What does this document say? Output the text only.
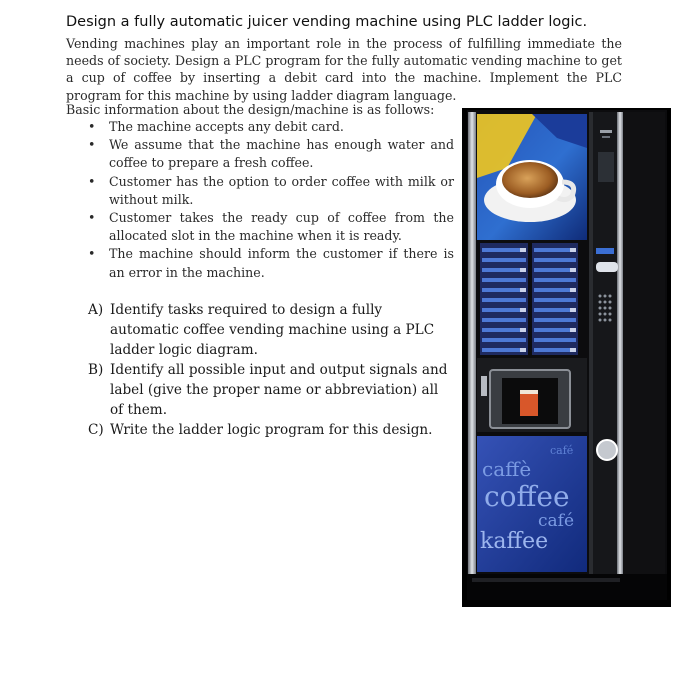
Design a fully automatic juicer vending machine using PLC ladder logic.
Vending machines play an important role in the process of fulfilling immediate the needs of society. Design a PLC program for the fully automatic vending machine to get a cup of coffee by inserting a debit card into the machine. Implement the PLC program for this machine by using ladder diagram language.
Basic information about the design/machine is as follows:
• The machine accepts any debit card.
• We assume that the machine has enough water and coffee to prepare a fresh coffee.
• Customer has the option to order coffee with milk or without milk.
• Customer takes the ready cup of coffee from the allocated slot in the machine when it is ready.
• The machine should inform the customer if there is an error in the machine.
A) Identify tasks required to design a fully automatic coffee vending machine using a PLC ladder logic diagram.
B) Identify all possible input and output signals and label (give the proper name or abbreviation) all of them.
C) Write the ladder logic program for this design.
café
caffè
coffee
café
kaffee
